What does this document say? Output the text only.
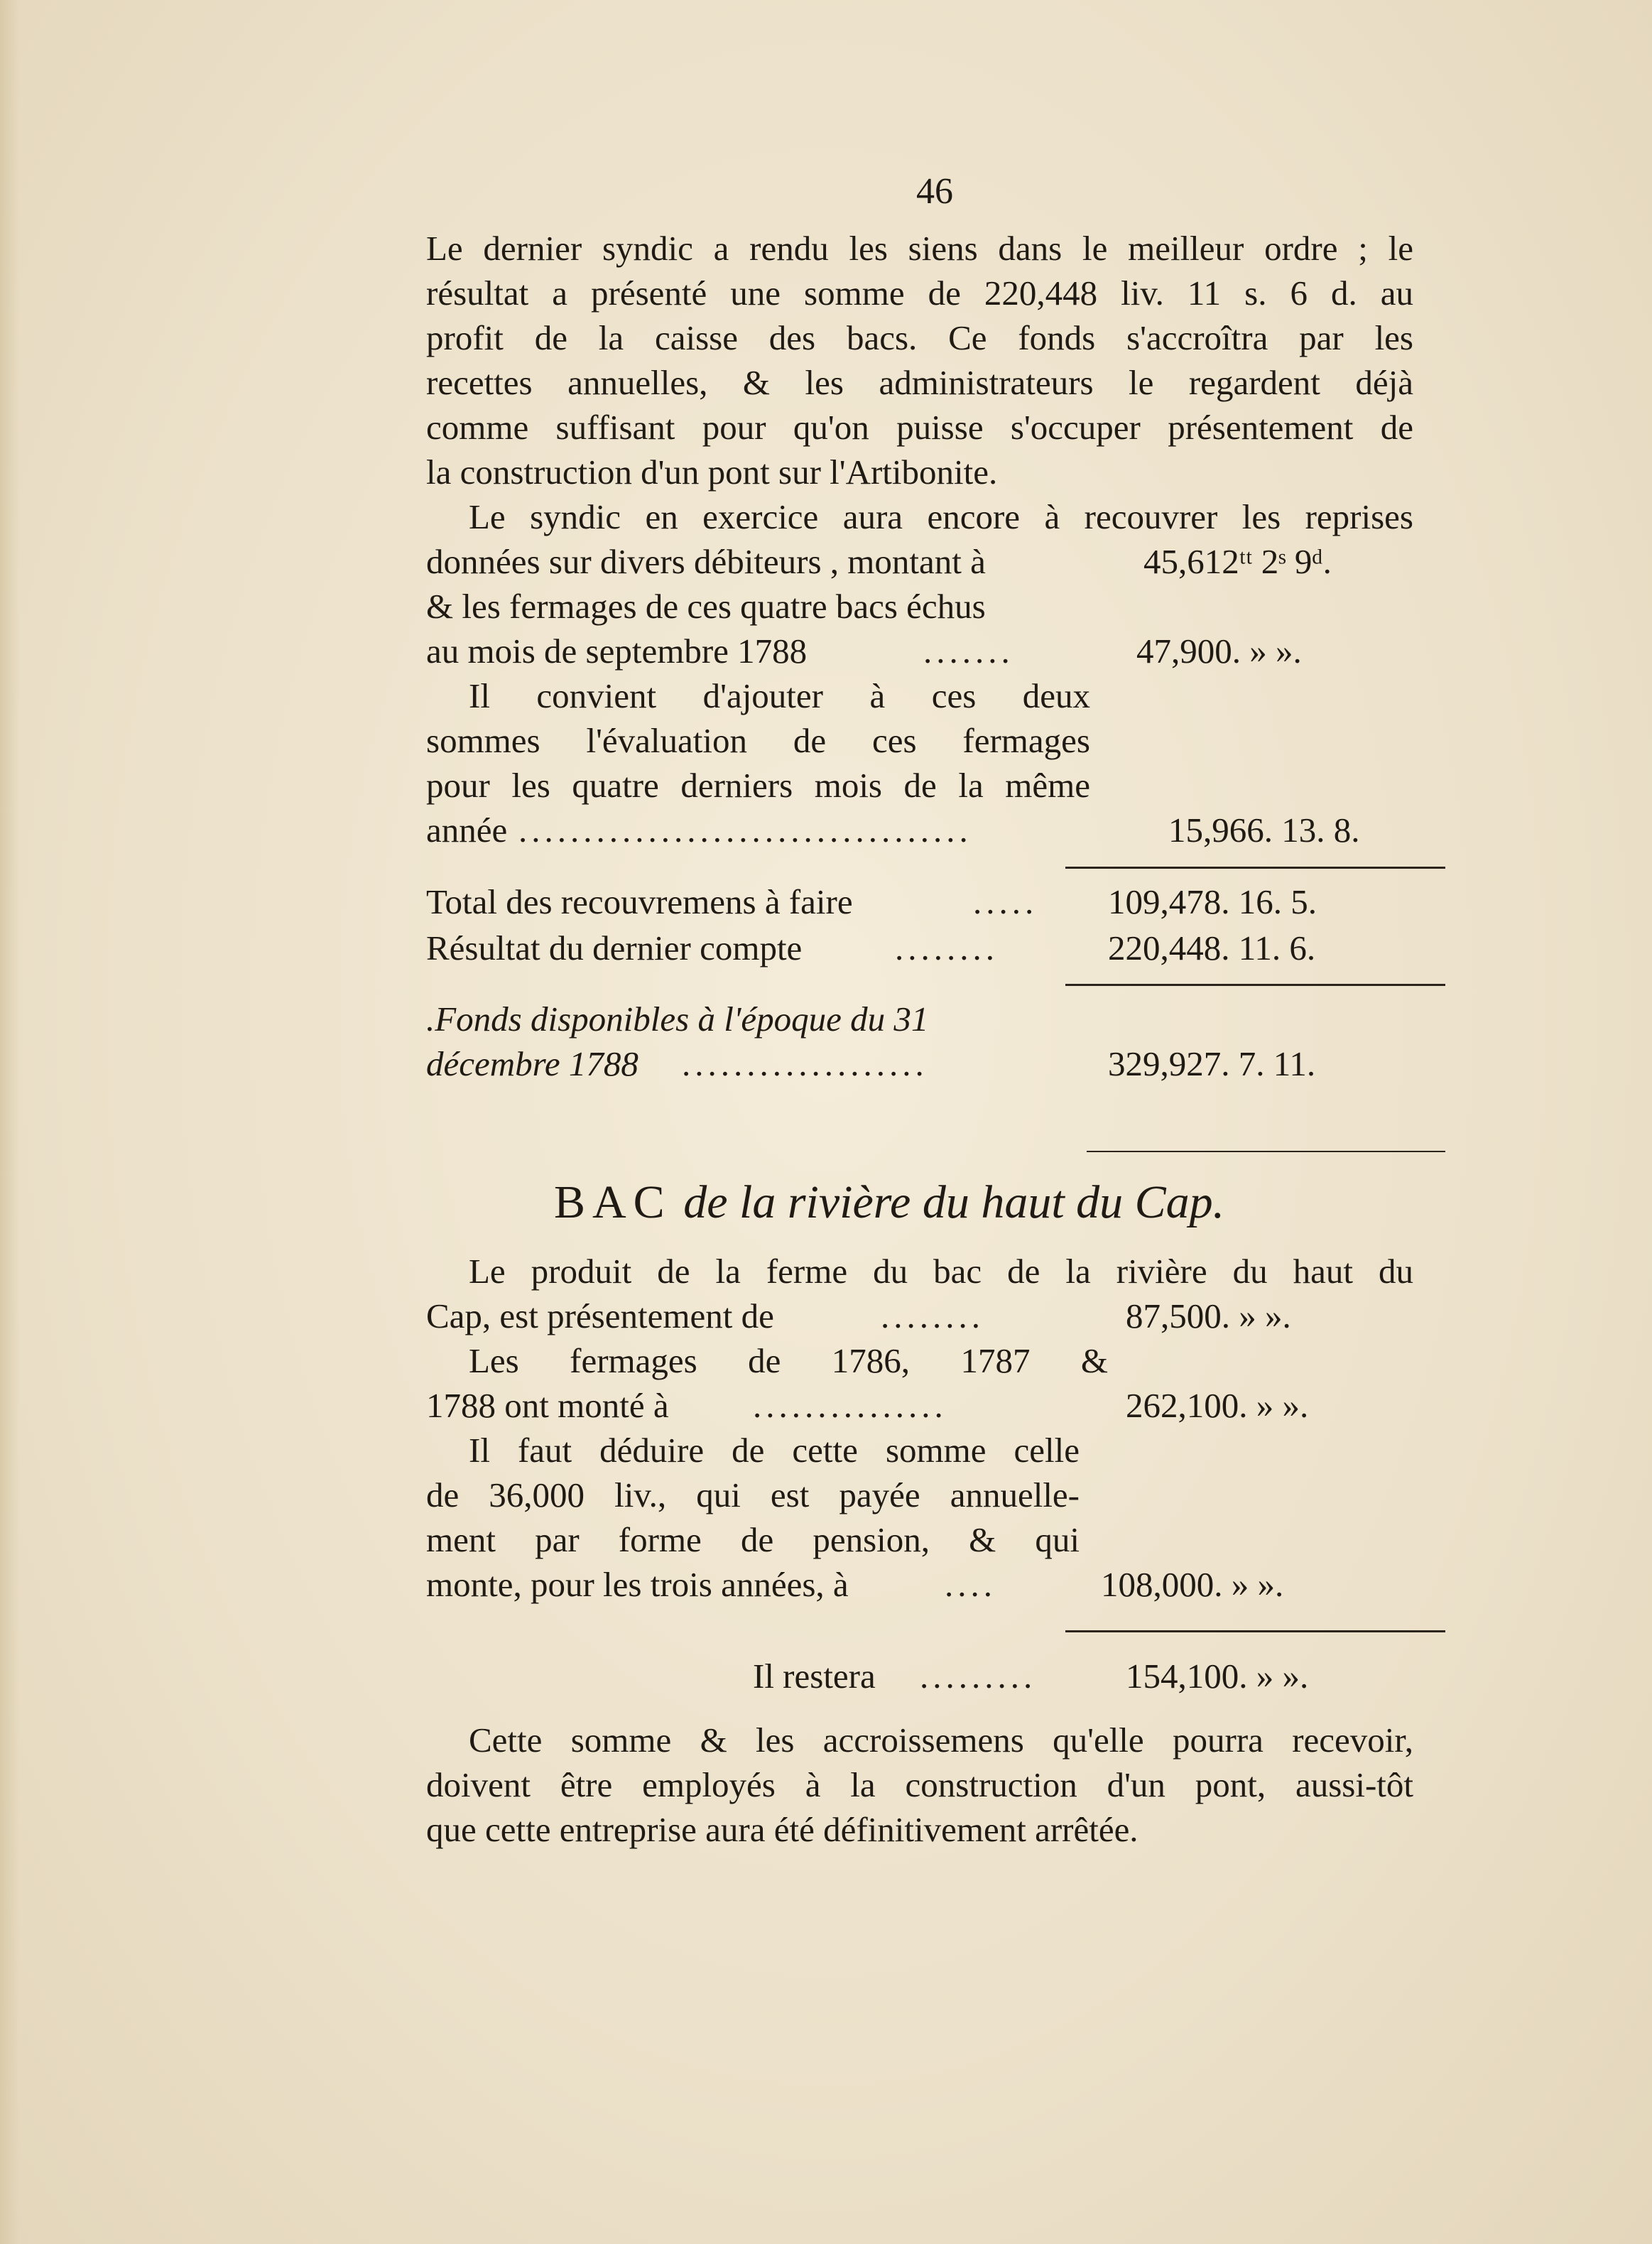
46
Le dernier syndic a rendu les siens dans le meilleur ordre ; le
résultat a présenté une somme de 220,448 liv. 11 s. 6 d. au
profit de la caisse des bacs. Ce fonds s'accroîtra par les
recettes annuelles, & les administrateurs le regardent déjà
comme suffisant pour qu'on puisse s'occuper présentement de
la construction d'un pont sur l'Artibonite.
Le syndic en exercice aura encore à recouvrer les reprises
données sur divers débiteurs , montant à	45,612ᵗᵗ 2ˢ 9ᵈ.
& les fermages de ces quatre bacs échus
au mois de septembre 1788	.......	47,900. » ».
Il convient d'ajouter à ces deux
sommes l'évaluation de ces fermages
pour les quatre derniers mois de la même
année ...................................	15,966. 13. 8.
Total des recouvremens à faire	.....	109,478. 16. 5.
Résultat du dernier compte	........	220,448. 11. 6.
.Fonds disponibles à l'époque du 31
décembre 1788 ...................	329,927. 7. 11.
BAC de la rivière du haut du Cap.
Le produit de la ferme du bac de la rivière du haut du
Cap, est présentement de	........	87,500. » ».
Les fermages de 1786, 1787 &
1788 ont monté à ...............	262,100. » ».
Il faut déduire de cette somme celle
de 36,000 liv., qui est payée annuelle-
ment par forme de pension, & qui
monte, pour les trois années, à	....	108,000. » ».
Il restera .........	154,100. » ».
Cette somme & les accroissemens qu'elle pourra recevoir,
doivent être employés à la construction d'un pont, aussi-tôt
que cette entreprise aura été définitivement arrêtée.
